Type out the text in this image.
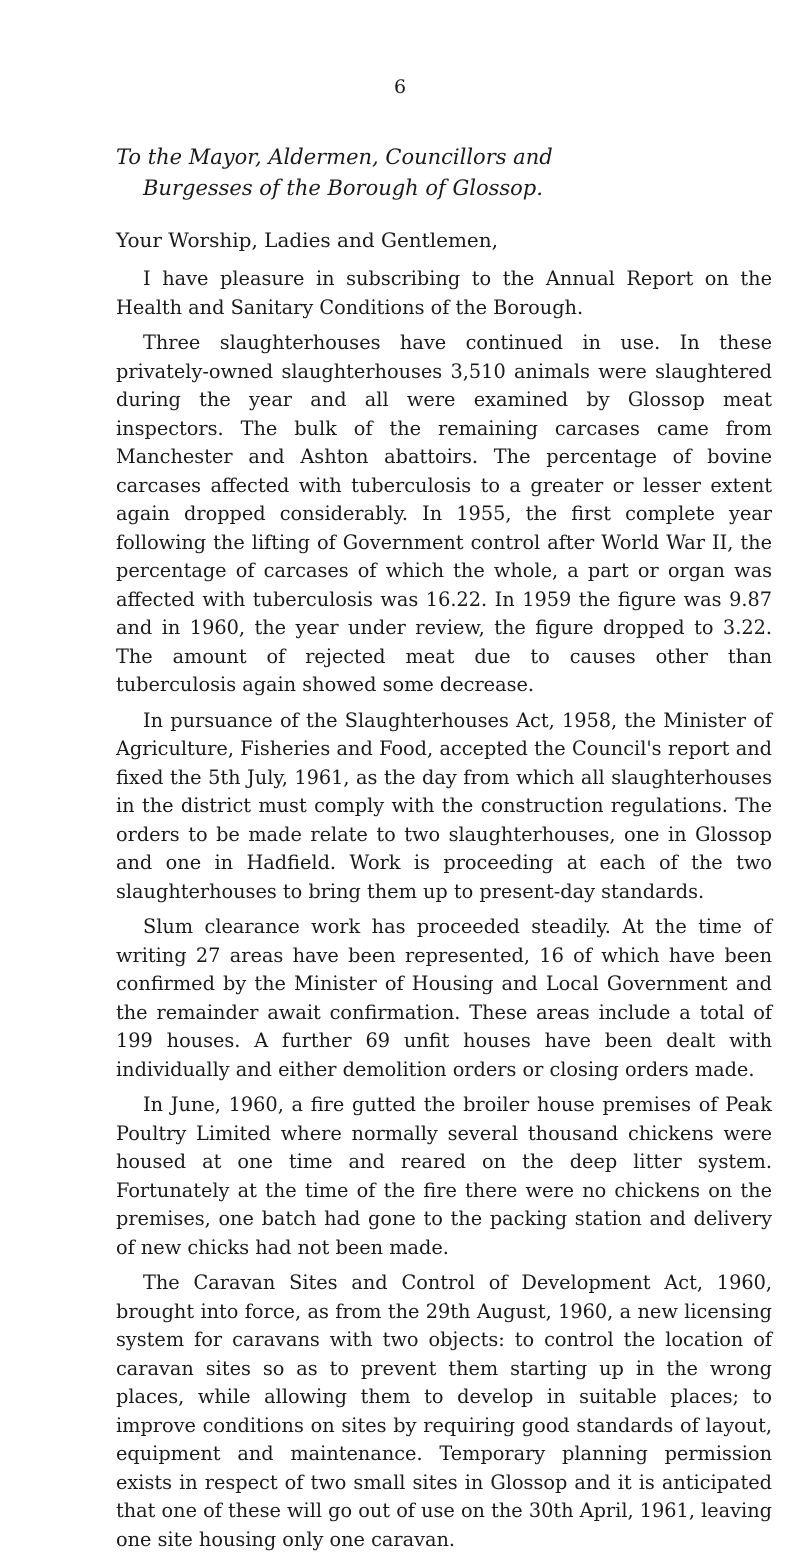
6
To the Mayor, Aldermen, Councillors and
Burgesses of the Borough of Glossop.
Your Worship, Ladies and Gentlemen,

I have pleasure in subscribing to the Annual Report on the Health and Sanitary Conditions of the Borough.

Three slaughterhouses have continued in use. In these privately-owned slaughterhouses 3,510 animals were slaughtered during the year and all were examined by Glossop meat inspectors. The bulk of the remaining carcases came from Manchester and Ashton abattoirs. The percentage of bovine carcases affected with tuberculosis to a greater or lesser extent again dropped considerably. In 1955, the first complete year following the lifting of Government control after World War II, the percentage of carcases of which the whole, a part or organ was affected with tuberculosis was 16.22. In 1959 the figure was 9.87 and in 1960, the year under review, the figure dropped to 3.22. The amount of rejected meat due to causes other than tuberculosis again showed some decrease.

In pursuance of the Slaughterhouses Act, 1958, the Minister of Agriculture, Fisheries and Food, accepted the Council's report and fixed the 5th July, 1961, as the day from which all slaughterhouses in the district must comply with the construction regulations. The orders to be made relate to two slaughterhouses, one in Glossop and one in Hadfield. Work is proceeding at each of the two slaughterhouses to bring them up to present-day standards.

Slum clearance work has proceeded steadily. At the time of writing 27 areas have been represented, 16 of which have been confirmed by the Minister of Housing and Local Government and the remainder await confirmation. These areas include a total of 199 houses. A further 69 unfit houses have been dealt with individually and either demolition orders or closing orders made.

In June, 1960, a fire gutted the broiler house premises of Peak Poultry Limited where normally several thousand chickens were housed at one time and reared on the deep litter system. Fortunately at the time of the fire there were no chickens on the premises, one batch had gone to the packing station and delivery of new chicks had not been made.

The Caravan Sites and Control of Development Act, 1960, brought into force, as from the 29th August, 1960, a new licensing system for caravans with two objects: to control the location of caravan sites so as to prevent them starting up in the wrong places, while allowing them to develop in suitable places; to improve conditions on sites by requiring good standards of layout, equipment and maintenance. Temporary planning permission exists in respect of two small sites in Glossop and it is anticipated that one of these will go out of use on the 30th April, 1961, leaving one site housing only one caravan.
